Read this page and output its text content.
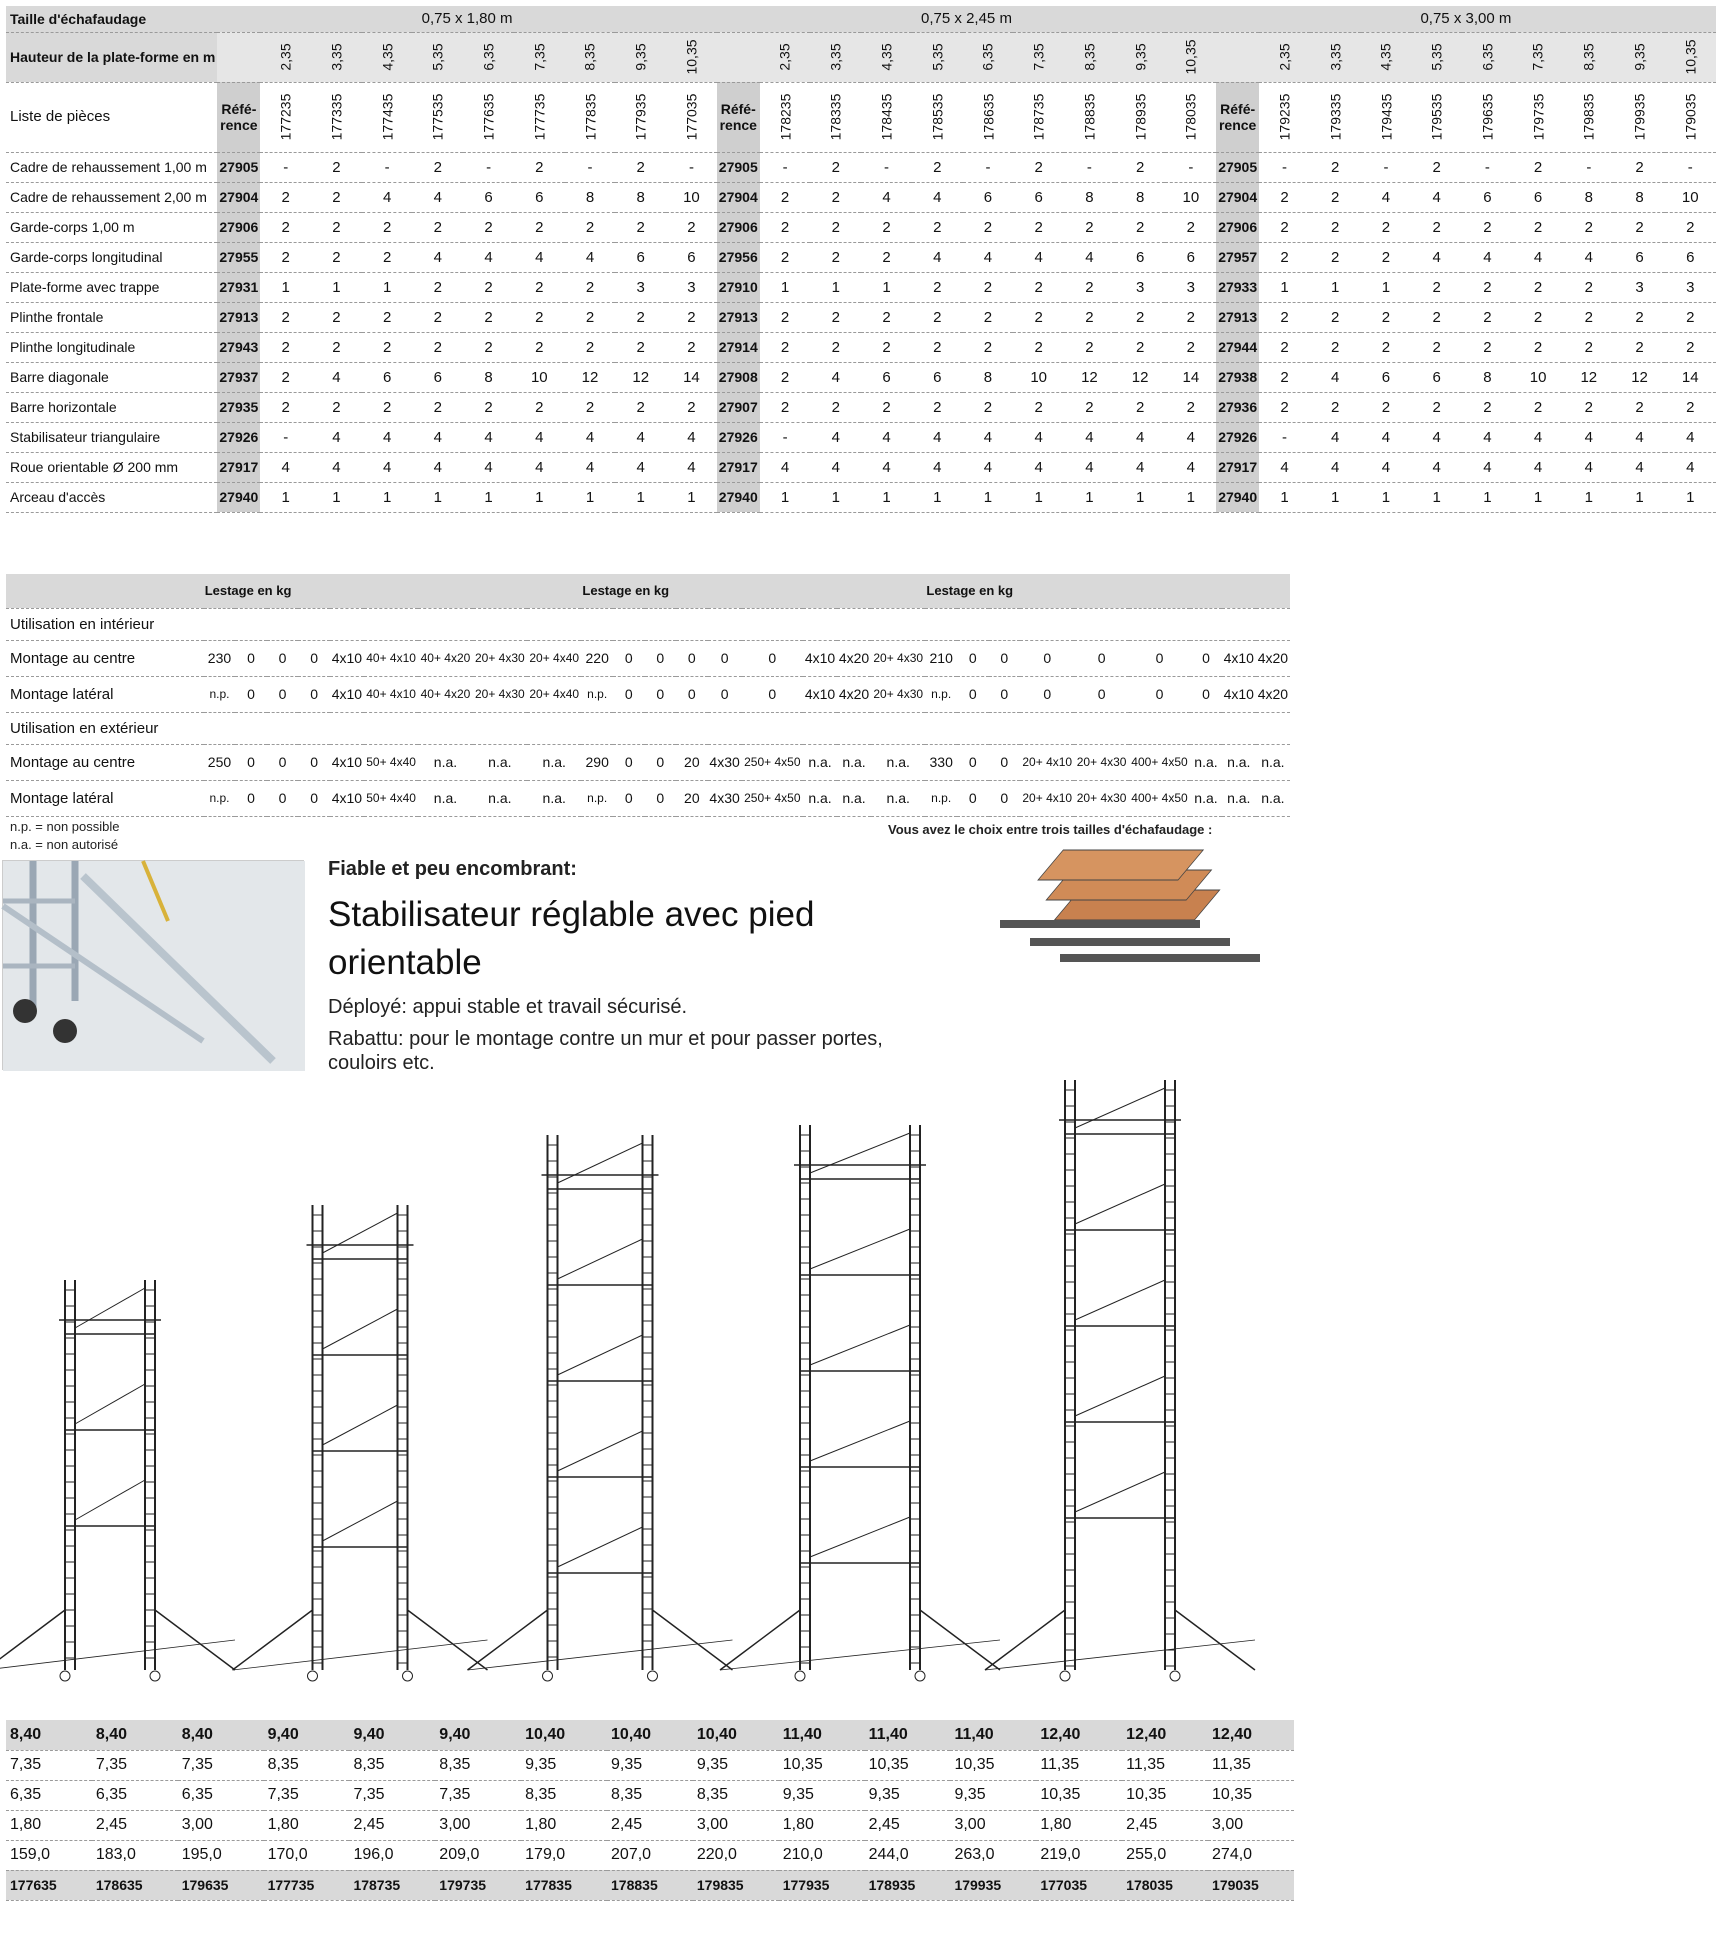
Taille d'échafaudage	0,75 x 1,80 m										0,75 x 2,45 m										0,75 x 3,00 m									
Hauteur de la plate-forme en m		2,35	3,35	4,35	5,35	6,35	7,35	8,35	9,35	10,35		2,35	3,35	4,35	5,35	6,35	7,35	8,35	9,35	10,35		2,35	3,35	4,35	5,35	6,35	7,35	8,35	9,35	10,35
Liste de pièces	Réfé-rence	177235	177335	177435	177535	177635	177735	177835	177935	177035	Réfé-rence	178235	178335	178435	178535	178635	178735	178835	178935	178035	Réfé-rence	179235	179335	179435	179535	179635	179735	179835	179935	179035
Cadre de rehaussement 1,00 m	27905	-	2	-	2	-	2	-	2	-	27905	-	2	-	2	-	2	-	2	-	27905	-	2	-	2	-	2	-	2	-
Cadre de rehaussement 2,00 m	27904	2	2	4	4	6	6	8	8	10	27904	2	2	4	4	6	6	8	8	10	27904	2	2	4	4	6	6	8	8	10
Garde-corps 1,00 m	27906	2	2	2	2	2	2	2	2	2	27906	2	2	2	2	2	2	2	2	2	27906	2	2	2	2	2	2	2	2	2
Garde-corps longitudinal	27955	2	2	2	4	4	4	4	6	6	27956	2	2	2	4	4	4	4	6	6	27957	2	2	2	4	4	4	4	6	6
Plate-forme avec trappe	27931	1	1	1	2	2	2	2	3	3	27910	1	1	1	2	2	2	2	3	3	27933	1	1	1	2	2	2	2	3	3
Plinthe frontale	27913	2	2	2	2	2	2	2	2	2	27913	2	2	2	2	2	2	2	2	2	27913	2	2	2	2	2	2	2	2	2
Plinthe longitudinale	27943	2	2	2	2	2	2	2	2	2	27914	2	2	2	2	2	2	2	2	2	27944	2	2	2	2	2	2	2	2	2
Barre diagonale	27937	2	4	6	6	8	10	12	12	14	27908	2	4	6	6	8	10	12	12	14	27938	2	4	6	6	8	10	12	12	14
Barre horizontale	27935	2	2	2	2	2	2	2	2	2	27907	2	2	2	2	2	2	2	2	2	27936	2	2	2	2	2	2	2	2	2
Stabilisateur triangulaire	27926	-	4	4	4	4	4	4	4	4	27926	-	4	4	4	4	4	4	4	4	27926	-	4	4	4	4	4	4	4	4
Roue orientable Ø 200 mm	27917	4	4	4	4	4	4	4	4	4	27917	4	4	4	4	4	4	4	4	4	27917	4	4	4	4	4	4	4	4	4
Arceau d'accès	27940	1	1	1	1	1	1	1	1	1	27940	1	1	1	1	1	1	1	1	1	27940	1	1	1	1	1	1	1	1	1
	Lestage en kg									Lestage en kg									Lestage en kg								
Utilisation en intérieur																											
Montage au centre	230	0	0	0	4x10	40+ 4x10	40+ 4x20	20+ 4x30	20+ 4x40	220	0	0	0	0	0	4x10	4x20	20+ 4x30	210	0	0	0	0	0	0	4x10	4x20
Montage latéral	n.p.	0	0	0	4x10	40+ 4x10	40+ 4x20	20+ 4x30	20+ 4x40	n.p.	0	0	0	0	0	4x10	4x20	20+ 4x30	n.p.	0	0	0	0	0	0	4x10	4x20
Utilisation en extérieur																											
Montage au centre	250	0	0	0	4x10	50+ 4x40	n.a.	n.a.	n.a.	290	0	0	20	4x30	250+ 4x50	n.a.	n.a.	n.a.	330	0	0	20+ 4x10	20+ 4x30	400+ 4x50	n.a.	n.a.	n.a.
Montage latéral	n.p.	0	0	0	4x10	50+ 4x40	n.a.	n.a.	n.a.	n.p.	0	0	20	4x30	250+ 4x50	n.a.	n.a.	n.a.	n.p.	0	0	20+ 4x10	20+ 4x30	400+ 4x50	n.a.	n.a.	n.a.
n.p. = non possible
n.a. = non autorisé
Vous avez le choix entre trois tailles d'échafaudage :
Fiable et peu encombrant:
Stabilisateur réglable avec pied orientable
Déployé: appui stable et travail sécurisé.
Rabattu: pour le montage contre un mur et pour passer portes, couloirs etc.
8,40	8,40	8,40	9,40	9,40	9,40	10,40	10,40	10,40	11,40	11,40	11,40	12,40	12,40	12,40
7,35	7,35	7,35	8,35	8,35	8,35	9,35	9,35	9,35	10,35	10,35	10,35	11,35	11,35	11,35
6,35	6,35	6,35	7,35	7,35	7,35	8,35	8,35	8,35	9,35	9,35	9,35	10,35	10,35	10,35
1,80	2,45	3,00	1,80	2,45	3,00	1,80	2,45	3,00	1,80	2,45	3,00	1,80	2,45	3,00
159,0	183,0	195,0	170,0	196,0	209,0	179,0	207,0	220,0	210,0	244,0	263,0	219,0	255,0	274,0
177635	178635	179635	177735	178735	179735	177835	178835	179835	177935	178935	179935	177035	178035	179035
